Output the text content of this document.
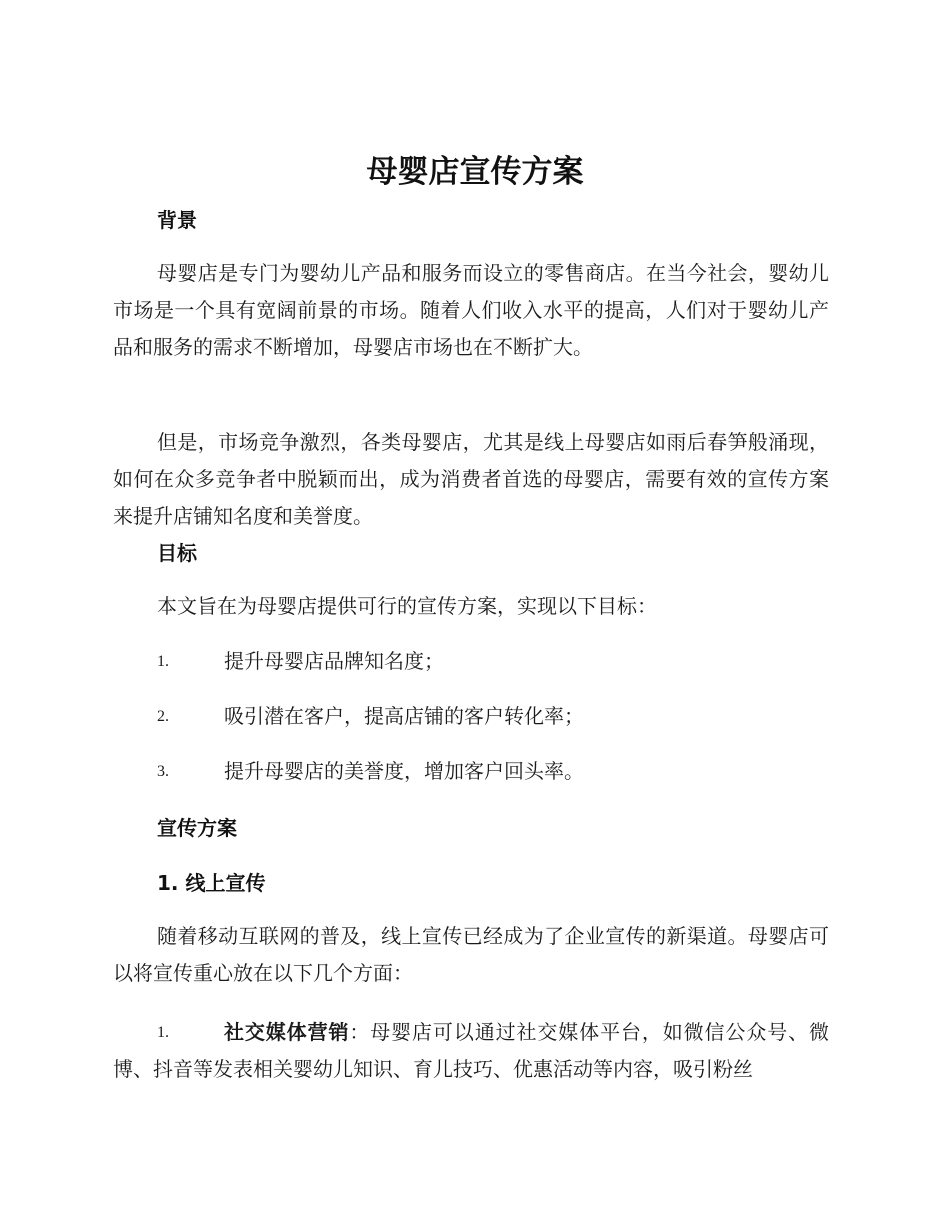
母婴店宣传方案
背景
母婴店是专门为婴幼儿产品和服务而设立的零售商店。在当今社会，婴幼儿市场是一个具有宽阔前景的市场。随着人们收入水平的提高，人们对于婴幼儿产品和服务的需求不断增加，母婴店市场也在不断扩大。
但是，市场竞争激烈，各类母婴店，尤其是线上母婴店如雨后春笋般涌现，如何在众多竞争者中脱颖而出，成为消费者首选的母婴店，需要有效的宣传方案来提升店铺知名度和美誉度。
目标
本文旨在为母婴店提供可行的宣传方案，实现以下目标：
1.	提升母婴店品牌知名度；
2.	吸引潜在客户，提高店铺的客户转化率；
3.	提升母婴店的美誉度，增加客户回头率。
宣传方案
1. 线上宣传
随着移动互联网的普及，线上宣传已经成为了企业宣传的新渠道。母婴店可以将宣传重心放在以下几个方面：
1.	社交媒体营销：母婴店可以通过社交媒体平台，如微信公众号、微博、抖音等发表相关婴幼儿知识、育儿技巧、优惠活动等内容，吸引粉丝
